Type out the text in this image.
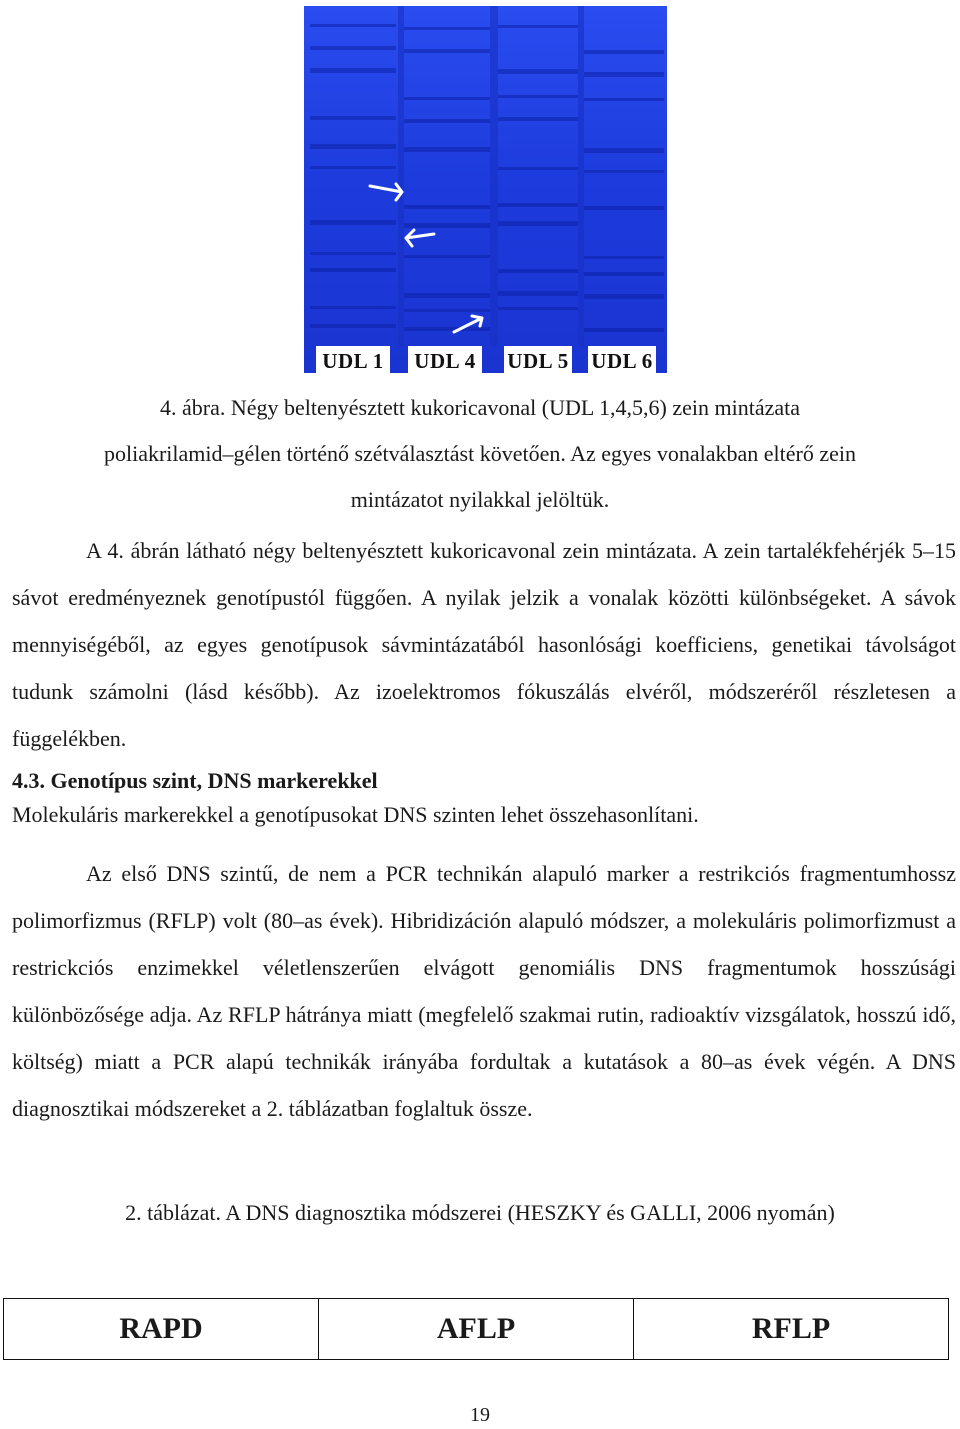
UDL 1 UDL 4 UDL 5 UDL 6
4. ábra. Négy beltenyésztett kukoricavonal (UDL 1,4,5,6) zein mintázata
poliakrilamid–gélen történő szétválasztást követően. Az egyes vonalakban eltérő zein
mintázatot nyilakkal jelöltük.

A 4. ábrán látható négy beltenyésztett kukoricavonal zein mintázata. A zein tartalékfehérjék 5–15 sávot eredményeznek genotípustól függően. A nyilak jelzik a vonalak közötti különbségeket. A sávok mennyiségéből, az egyes genotípusok sávmintázatából hasonlósági koefficiens, genetikai távolságot tudunk számolni (lásd később). Az izoelektromos fókuszálás elvéről, módszeréről részletesen a függelékben.

4.3. Genotípus szint, DNS markerekkel
Molekuláris markerekkel a genotípusokat DNS szinten lehet összehasonlítani.

Az első DNS szintű, de nem a PCR technikán alapuló marker a restrikciós fragmentumhossz polimorfizmus (RFLP) volt (80–as évek). Hibridizáción alapuló módszer, a molekuláris polimorfizmust a restrickciós enzimekkel véletlenszerűen elvágott genomiális DNS fragmentumok hosszúsági különbözősége adja. Az RFLP hátránya miatt (megfelelő szakmai rutin, radioaktív vizsgálatok, hosszú idő, költség) miatt a PCR alapú technikák irányába fordultak a kutatások a 80–as évek végén. A DNS diagnosztikai módszereket a 2. táblázatban foglaltuk össze.

2. táblázat. A DNS diagnosztika módszerei (HESZKY és GALLI, 2006 nyomán)
RAPD	AFLP	RFLP
19
